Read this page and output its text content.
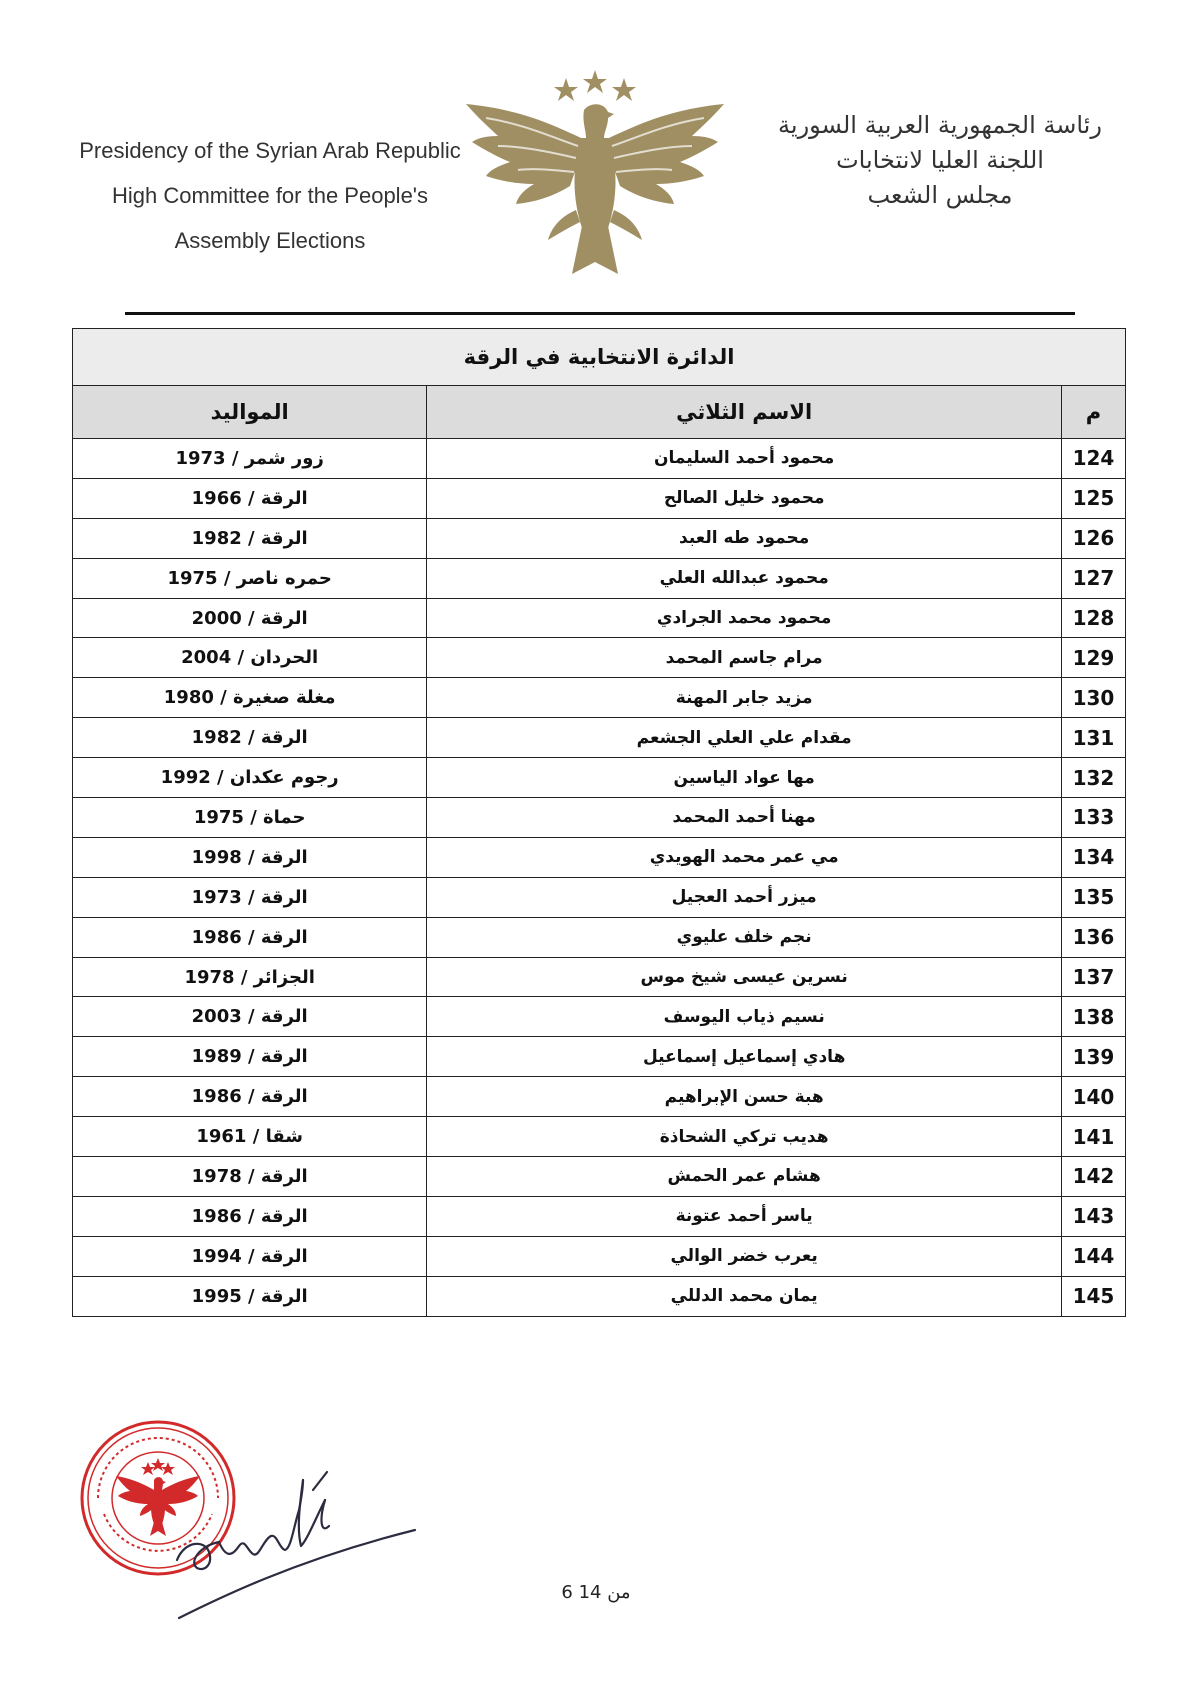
Presidency of the Syrian Arab Republic
High Committee for the People's
Assembly Elections
رئاسة الجمهورية العربية السورية
اللجنة العليا لانتخابات
مجلس الشعب
الدائرة الانتخابية في الرقة		
م	الاسم الثلاثي	المواليد
124	محمود أحمد السليمان	زور شمر / 1973
125	محمود خليل الصالح	الرقة / 1966
126	محمود طه العبد	الرقة / 1982
127	محمود عبدالله العلي	حمره ناصر / 1975
128	محمود محمد الجرادي	الرقة / 2000
129	مرام جاسم المحمد	الحردان / 2004
130	مزيد جابر المهنة	مغلة صغيرة / 1980
131	مقدام علي العلي الجشعم	الرقة / 1982
132	مها عواد الياسين	رجوم عكدان / 1992
133	مهنا أحمد المحمد	حماة / 1975
134	مي عمر محمد الهويدي	الرقة / 1998
135	ميزر أحمد العجيل	الرقة / 1973
136	نجم خلف عليوي	الرقة / 1986
137	نسرين عيسى شيخ موس	الجزائر / 1978
138	نسيم ذياب اليوسف	الرقة / 2003
139	هادي إسماعيل إسماعيل	الرقة / 1989
140	هبة حسن الإبراهيم	الرقة / 1986
141	هديب تركي الشحاذة	شقا / 1961
142	هشام عمر الحمش	الرقة / 1978
143	ياسر أحمد عتونة	الرقة / 1986
144	يعرب خضر الوالي	الرقة / 1994
145	يمان محمد الدللي	الرقة / 1995
6 من 14
